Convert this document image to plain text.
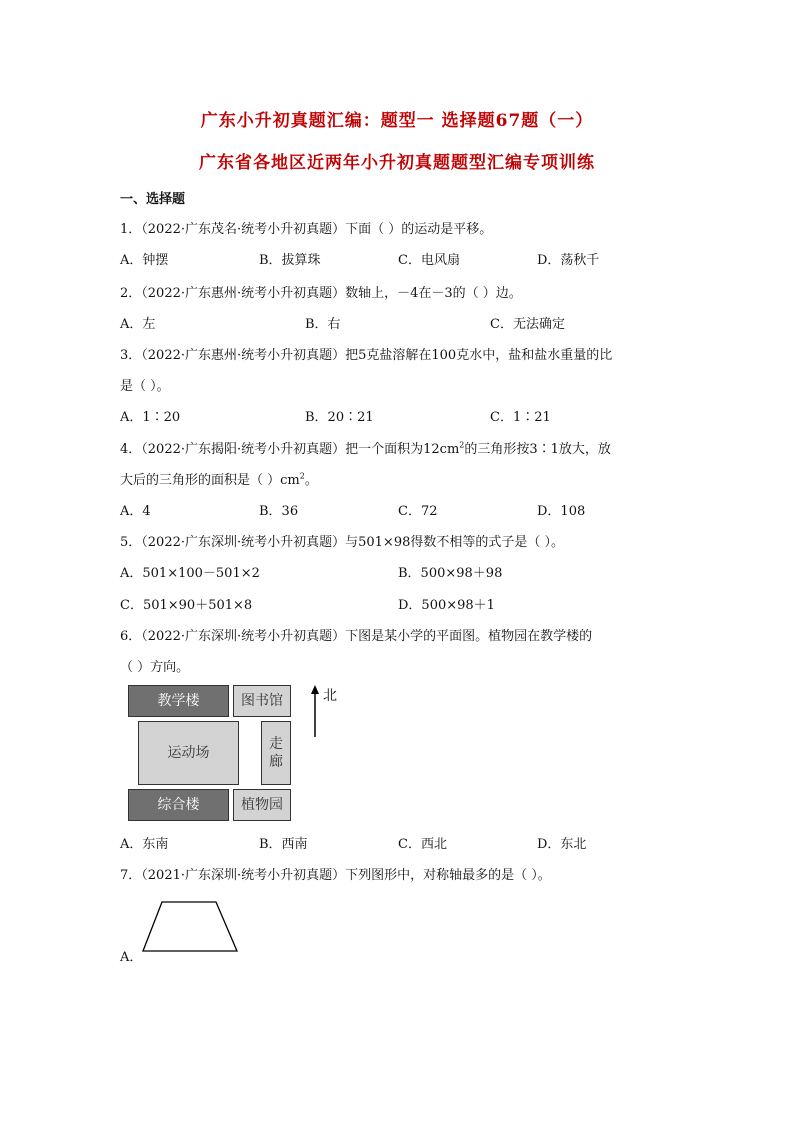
广东小升初真题汇编：题型一 选择题67题（一）
广东省各地区近两年小升初真题题型汇编专项训练
一、选择题
1．（2022·广东茂名·统考小升初真题）下面（ ）的运动是平移。
A．钟摆	B．拔算珠	C．电风扇	D．荡秋千
2．（2022·广东惠州·统考小升初真题）数轴上，－4在－3的（ ）边。
A．左	B．右	C．无法确定
3．（2022·广东惠州·统考小升初真题）把5克盐溶解在100克水中，盐和盐水重量的比
是（ ）。
A．1∶20	B．20∶21	C．1∶21
4．（2022·广东揭阳·统考小升初真题）把一个面积为$12cm^2$的三角形按3∶1放大，放
大后的三角形的面积是（ ）$cm^2$。
A．4	B．36	C．72	D．108
5．（2022·广东深圳·统考小升初真题）与501×98得数不相等的式子是（ ）。
A．501×100－501×2	B．500×98＋98
C．501×90＋501×8	D．500×98＋1
6．（2022·广东深圳·统考小升初真题）下图是某小学的平面图。植物园在教学楼的
（ ）方向。
教学楼	图书馆
运动场
走廊
综合楼	植物园
北
A．东南	B．西南	C．西北	D．东北
7．（2021·广东深圳·统考小升初真题）下列图形中，对称轴最多的是（ ）。
A．
